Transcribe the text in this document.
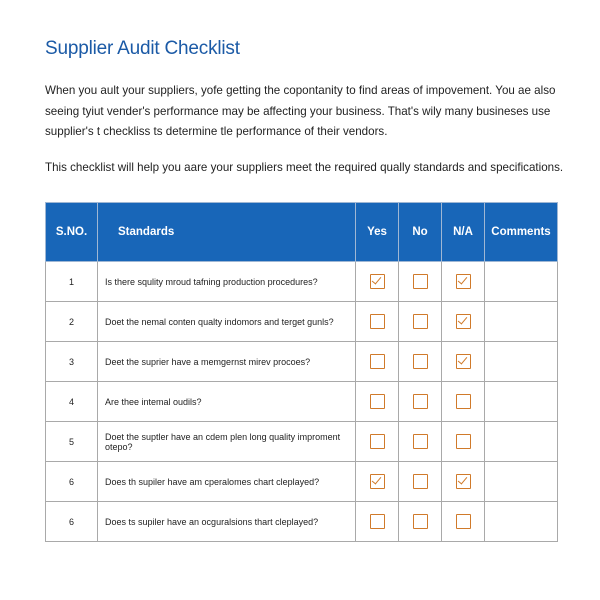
Supplier Audit Checklist
When you ault your suppliers, yofe getting the copontanity to find areas of impovement. You ae also
seeing tyiut vender's performance may be affecting your business. That's wily many busineses use
supplier's t checkliss ts determine tle performance of their vendors.

This checklist will help you aare your suppliers meet the required qually standards and specifications.

S.NO.	Standards	Yes	No	N/A	Comments
1	Is there squlity mroud tafning production procedures?	

2	Doet the nemal conten qualty indomors and terget gunls?			

3	Deet the suprier have a memgernst mirev procoes?			

4	Are thee intemal oudils?				
5	Doet the suptler have an cdem plen long quality improment otepo?				
6	Does th supiler have am cperalomes chart cleplayed?	

6	Does ts supiler have an ocguralsions thart cleplayed?				
